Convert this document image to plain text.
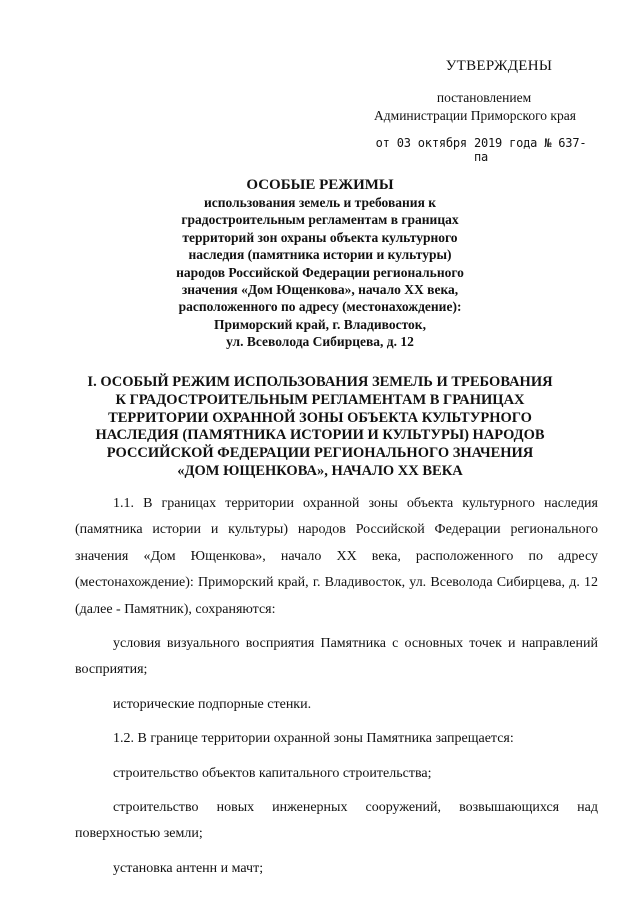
УТВЕРЖДЕНЫ
постановлением
Администрации Приморского края
от 03 октября 2019 года № 637-па
ОСОБЫЕ РЕЖИМЫ
использования земель и требования к
градостроительным регламентам в границах
территорий зон охраны объекта культурного
наследия (памятника истории и культуры)
народов Российской Федерации регионального
значения «Дом Ющенкова», начало XX века,
расположенного по адресу (местонахождение):
Приморский край, г. Владивосток,
ул. Всеволода Сибирцева, д. 12
I. ОСОБЫЙ РЕЖИМ ИСПОЛЬЗОВАНИЯ ЗЕМЕЛЬ И ТРЕБОВАНИЯ
К ГРАДОСТРОИТЕЛЬНЫМ РЕГЛАМЕНТАМ В ГРАНИЦАХ
ТЕРРИТОРИИ ОХРАННОЙ ЗОНЫ ОБЪЕКТА КУЛЬТУРНОГО
НАСЛЕДИЯ (ПАМЯТНИКА ИСТОРИИ И КУЛЬТУРЫ) НАРОДОВ
РОССИЙСКОЙ ФЕДЕРАЦИИ РЕГИОНАЛЬНОГО ЗНАЧЕНИЯ
«ДОМ ЮЩЕНКОВА», НАЧАЛО XX ВЕКА

1.1. В границах территории охранной зоны объекта культурного наследия (памятника истории и культуры) народов Российской Федерации регионального значения «Дом Ющенкова», начало XX века, расположенного по адресу (местонахождение): Приморский край, г. Владивосток, ул. Всеволода Сибирцева, д. 12 (далее - Памятник), сохраняются:

условия визуального восприятия Памятника с основных точек и направлений восприятия;

исторические подпорные стенки.

1.2. В границе территории охранной зоны Памятника запрещается:

строительство объектов капитального строительства;

строительство новых инженерных сооружений, возвышающихся над поверхностью земли;

установка антенн и мачт;
